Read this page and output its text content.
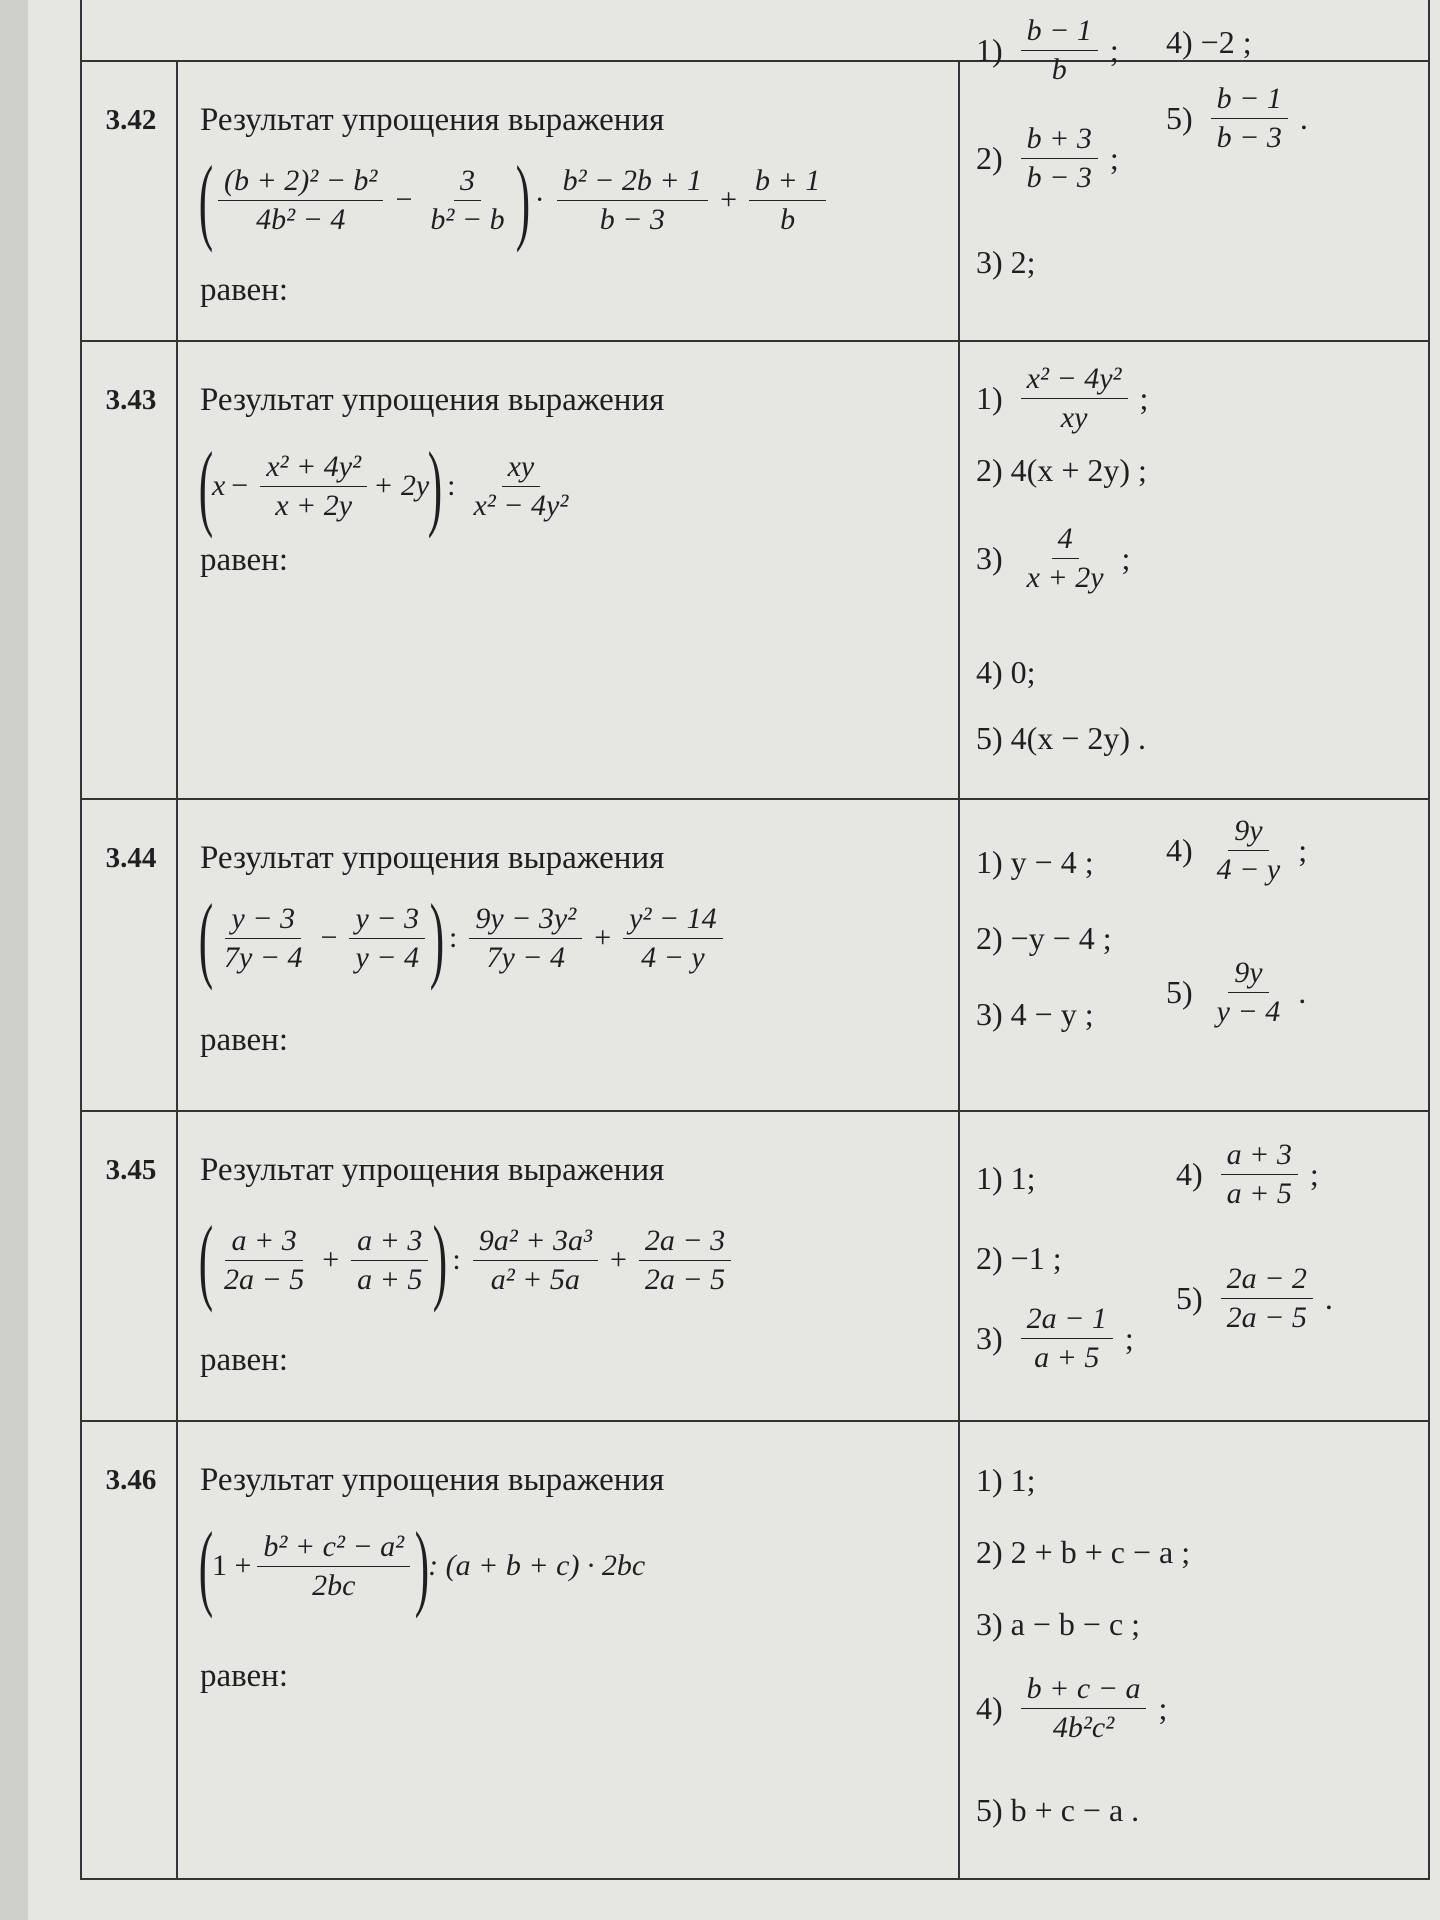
3.42	Результат упрощения выражения
( $\frac{\text{(b + 2)² − b²}}{\text{4b² − 4}} - \frac{3}{\text{b² − b}}$ ) · $\frac{\text{b² − 2b + 1}}{b - 3} + \frac{b + 1}{b}$
равен:
$1) \frac{b - 1}{b}$ ;
$2) \frac{b + 3}{b - 3}$ ;
3) 2;
4) −2 ;
$5) \frac{b - 1}{b - 3}$ .
3.43	Результат упрощения выражения
(
$x - \frac{\text{x² + 4y²}}{x + 2y} + 2y$
) : $\frac{xy}{\text{x² − 4y²}}$
равен:
$1) \frac{\text{x² − 4y²}}{xy}$ ;
2) 4(x + 2y) ;
$3) \frac{4}{x + 2y}$ ;
4) 0;
5) 4(x − 2y) .
3.44	Результат упрощения выражения
( $\frac{y - 3}{7y - 4} - \frac{y - 3}{y - 4}$ ) : $\frac{\text{9y − 3y²}}{7y - 4} + \frac{\text{y² − 14}}{4 - y}$
равен:
1) y − 4 ;
2) −y − 4 ;
3) 4 − y ;
$4) \frac{9y}{4 - y}$ ;
$5) \frac{9y}{y - 4}$ .
3.45	Результат упрощения выражения
( $\frac{a + 3}{2a - 5} + \frac{a + 3}{a + 5}$ ) : $\frac{\text{9a² + 3a³}}{\text{a² + 5a}} + \frac{2a - 3}{2a - 5}$
равен:
1) 1;
2) −1 ;
$3) \frac{2a - 1}{a + 5}$ ;
$4) \frac{a + 3}{a + 5}$ ;
$5) \frac{2a - 2}{2a - 5}$ .
3.46	Результат упрощения выражения
(
$1 + \frac{\text{b² + c² − a²}}{2bc}$ )
: (a + b + c) · 2bc
равен:
1) 1;
2) 2 + b + c − a ;
3) a − b − c ;
$4) \frac{b + c - a}{\text{4b²c²}}$ ;
5) b + c − a .
